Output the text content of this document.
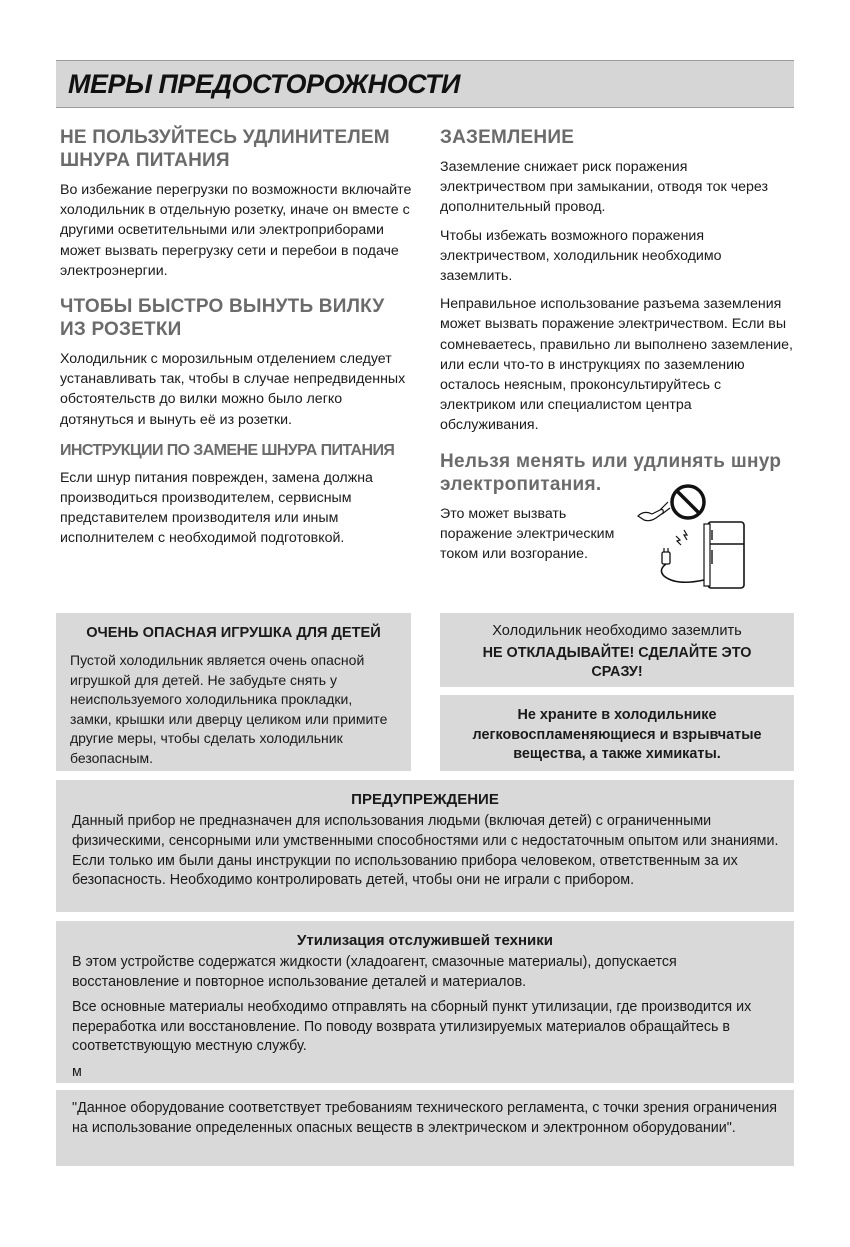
МЕРЫ ПРЕДОСТОРОЖНОСТИ
НЕ ПОЛЬЗУЙТЕСЬ УДЛИНИТЕЛЕМ ШНУРА ПИТАНИЯ

Во избежание перегрузки по возможности включайте холодильник в отдельную розетку, иначе он вместе с другими осветительными или электроприборами может вызвать перегрузку сети и перебои в подаче электроэнергии.

ЧТОБЫ БЫСТРО ВЫНУТЬ ВИЛКУ ИЗ РОЗЕТКИ

Холодильник с морозильным отделением следует устанавливать так, чтобы в случае непредвиденных обстоятельств до вилки можно было легко дотянуться и вынуть её из розетки.

ИНСТРУКЦИИ ПО ЗАМЕНЕ ШНУРА ПИТАНИЯ

Если шнур питания поврежден, замена должна производиться производителем, сервисным представителем производителя или иным исполнителем с необходимой подготовкой.

ЗАЗЕМЛЕНИЕ

Заземление снижает риск поражения электричеством при замыкании, отводя ток через дополнительный провод.

Чтобы избежать возможного поражения электричеством, холодильник необходимо заземлить.

Неправильное использование разъема заземления может вызвать поражение электричеством. Если вы сомневаетесь, правильно ли выполнено заземление, или если что-то в инструкциях по заземлению осталось неясным, проконсультируйтесь с электриком или специалистом центра обслуживания.

Нельзя менять или удлинять шнур электропитания.

Это может вызвать поражение электрическим током или возгорание.

ОЧЕНЬ ОПАСНАЯ ИГРУШКА ДЛЯ ДЕТЕЙ
Пустой холодильник является очень опасной игрушкой для детей. Не забудьте снять у неиспользуемого холодильника прокладки, замки, крышки или дверцу целиком или примите другие меры, чтобы сделать холодильник безопасным.
Холодильник необходимо заземлить
НЕ ОТКЛАДЫВАЙТЕ! СДЕЛАЙТЕ ЭТО СРАЗУ!
Не храните в холодильнике легковоспламеняющиеся и взрывчатые вещества, а также химикаты.
ПРЕДУПРЕЖДЕНИЕ
Данный прибор не предназначен для использования людьми (включая детей) с ограниченными физическими, сенсорными или умственными способностями или с недостаточным опытом или знаниями. Если только им были даны инструкции по использованию прибора человеком, ответственным за их безопасность. Необходимо контролировать детей, чтобы они не играли с прибором.
Утилизация отслужившей техники

В этом устройстве содержатся жидкости (хладоагент, смазочные материалы), допускается восстановление и повторное использование деталей и материалов.

Все основные материалы необходимо отправлять на сборный пункт утилизации, где производится их переработка или восстановление. По поводу возврата утилизируемых материалов обращайтесь в соответствующую местную службу.

м

"Данное оборудование соответствует требованиям технического регламента, с точки зрения ограничения на использование определенных опасных веществ в электрическом и электронном оборудовании".
